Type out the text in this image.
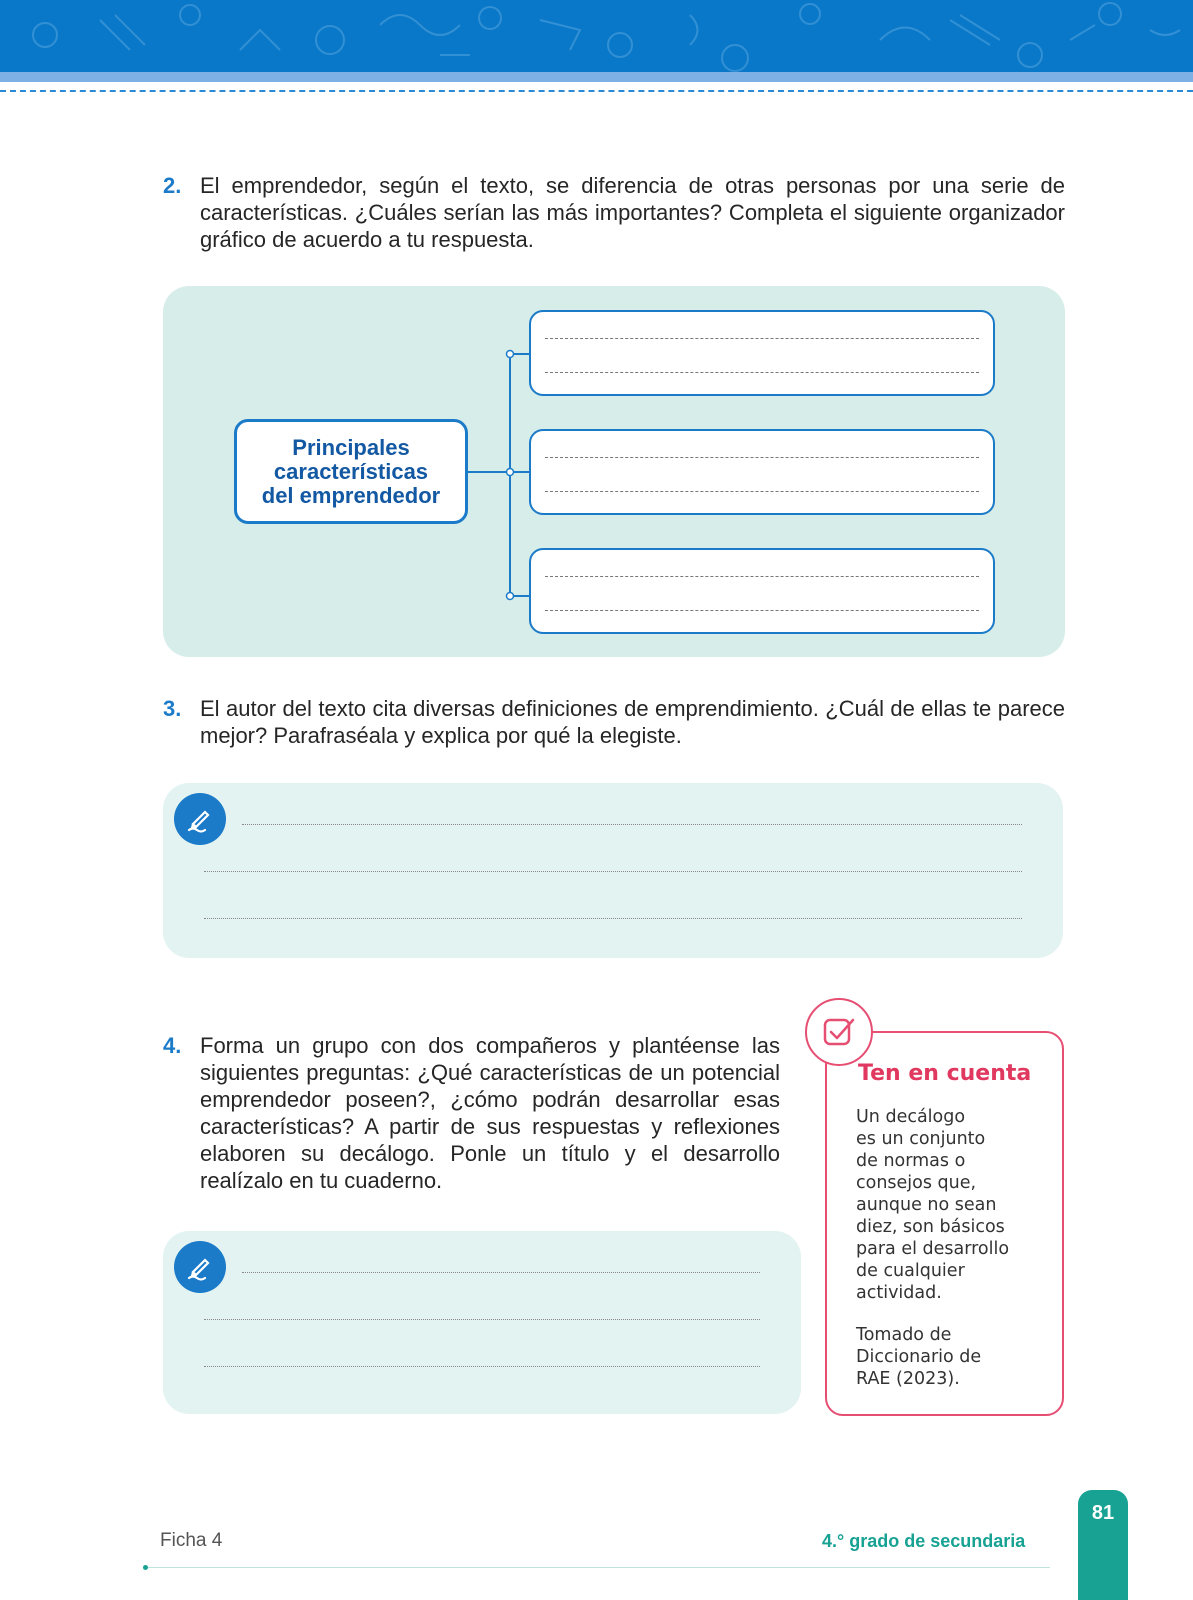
2. El emprendedor, según el texto, se diferencia de otras personas por una serie de características. ¿Cuáles serían las más importantes? Completa el siguiente organizador gráfico de acuerdo a tu respuesta.
Principales
características
del emprendedor
3. El autor del texto cita diversas definiciones de emprendimiento. ¿Cuál de ellas te parece mejor? Parafraséala y explica por qué la elegiste.
4. Forma un grupo con dos compañeros y plantéense las siguientes preguntas: ¿Qué características de un potencial emprendedor poseen?, ¿cómo podrán desarrollar esas características? A partir de sus respuestas y reflexiones elaboren su decálogo. Ponle un título y el desarrollo realízalo en tu cuaderno.
Ten en cuenta
Un decálogo
es un conjunto
de normas o
consejos que,
aunque no sean
diez, son básicos
para el desarrollo
de cualquier
actividad.
Tomado de
Diccionario de
RAE (2023).
Ficha 4	4.° grado de secundaria
81
